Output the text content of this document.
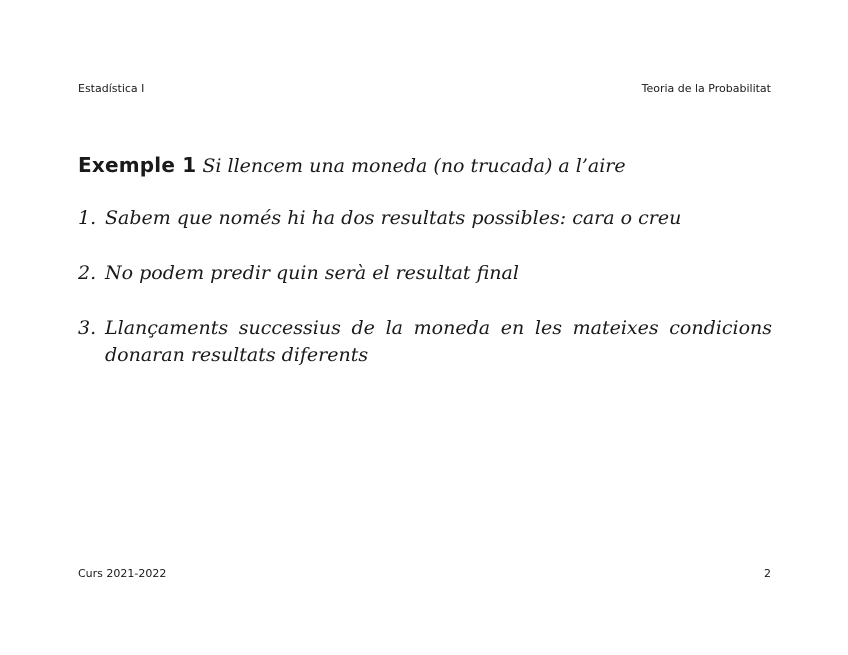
Estadística I	Teoria de la Probabilitat

Exemple 1 Si llencem una moneda (no trucada) a l’aire

1. Sabem que només hi ha dos resultats possibles: cara o creu
2. No podem predir quin serà el resultat final
3. Llançaments successius de la moneda en les mateixes condicions donaran resultats diferents
Curs 2021-2022	2
